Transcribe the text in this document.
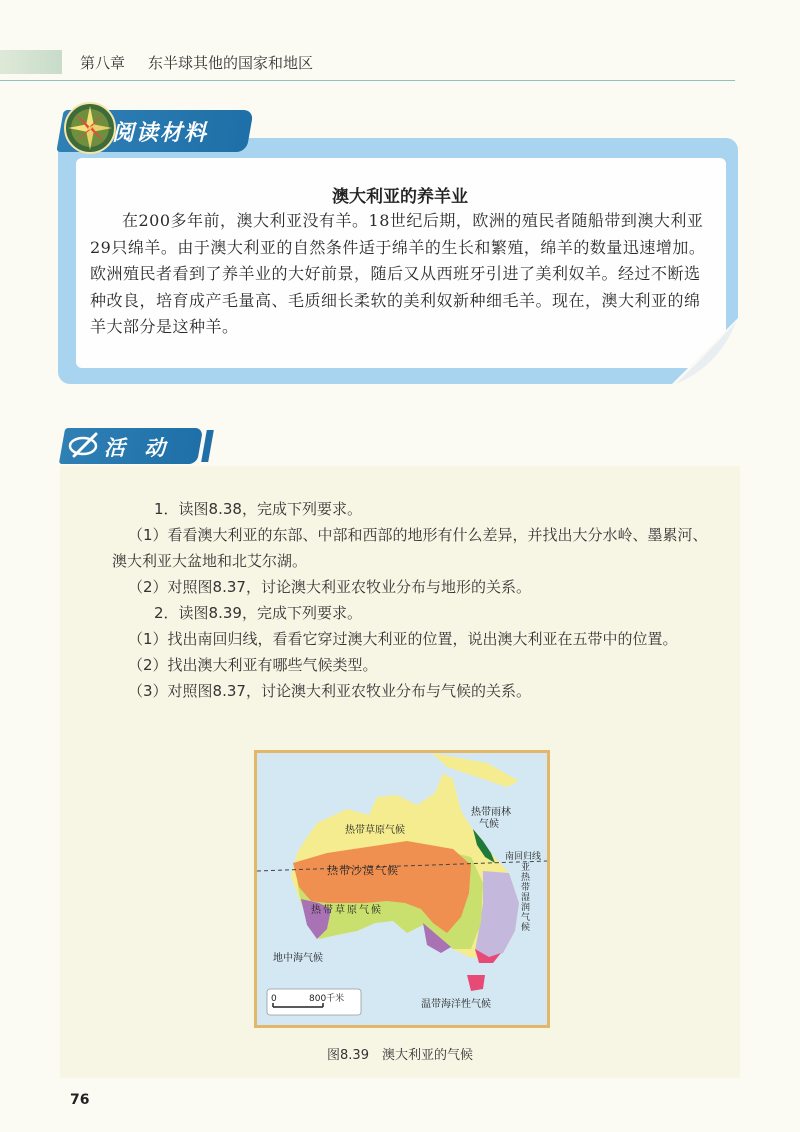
第八章 东半球其他的国家和地区
阅读材料
澳大利亚的养羊业
在200多年前，澳大利亚没有羊。18世纪后期，欧洲的殖民者随船带到澳大利亚29只绵羊。由于澳大利亚的自然条件适于绵羊的生长和繁殖，绵羊的数量迅速增加。欧洲殖民者看到了养羊业的大好前景，随后又从西班牙引进了美利奴羊。经过不断选种改良，培育成产毛量高、毛质细长柔软的美利奴新种细毛羊。现在，澳大利亚的绵羊大部分是这种羊。
活 动

1．读图8.38，完成下列要求。

（1）看看澳大利亚的东部、中部和西部的地形有什么差异，并找出大分水岭、墨累河、澳大利亚大盆地和北艾尔湖。

（2）对照图8.37，讨论澳大利亚农牧业分布与地形的关系。

2．读图8.39，完成下列要求。

（1）找出南回归线，看看它穿过澳大利亚的位置，说出澳大利亚在五带中的位置。

（2）找出澳大利亚有哪些气候类型。

（3）对照图8.37，讨论澳大利亚农牧业分布与气候的关系。

热带草原气候
热带雨林
气候
南回归线
热带沙漠气候	亚热带湿润气候
热带草原气候
地中海气候
0	800千米	温带海洋性气候
图8.39　澳大利亚的气候
76
